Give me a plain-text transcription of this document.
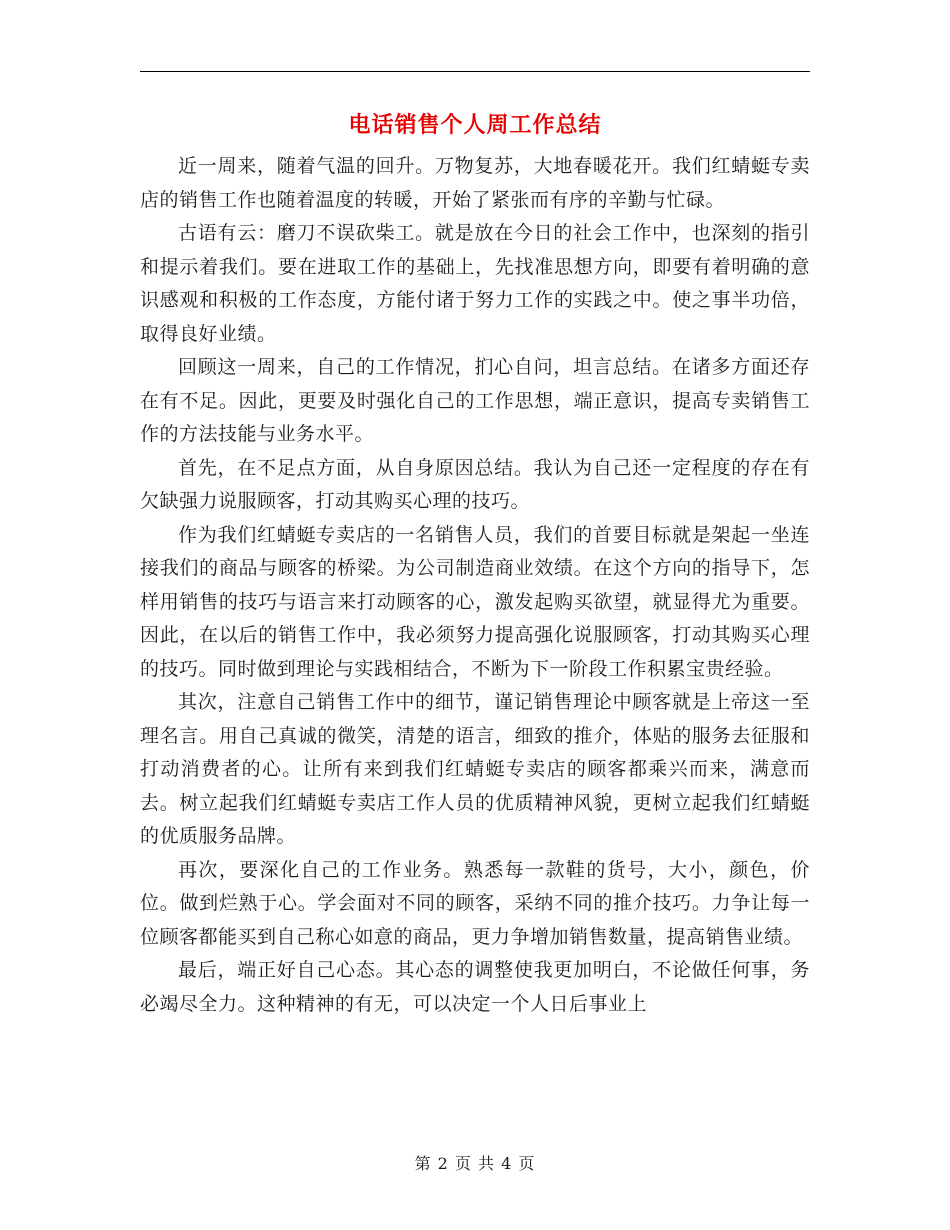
电话销售个人周工作总结

近一周来，随着气温的回升。万物复苏，大地春暖花开。我们红蜻蜓专卖店的销售工作也随着温度的转暖，开始了紧张而有序的辛勤与忙碌。

古语有云：磨刀不误砍柴工。就是放在今日的社会工作中，也深刻的指引和提示着我们。要在进取工作的基础上，先找准思想方向，即要有着明确的意识感观和积极的工作态度，方能付诸于努力工作的实践之中。使之事半功倍，取得良好业绩。

回顾这一周来，自己的工作情况，扪心自问，坦言总结。在诸多方面还存在有不足。因此，更要及时强化自己的工作思想，端正意识，提高专卖销售工作的方法技能与业务水平。

首先，在不足点方面，从自身原因总结。我认为自己还一定程度的存在有欠缺强力说服顾客，打动其购买心理的技巧。

作为我们红蜻蜓专卖店的一名销售人员，我们的首要目标就是架起一坐连接我们的商品与顾客的桥梁。为公司制造商业效绩。在这个方向的指导下，怎样用销售的技巧与语言来打动顾客的心，激发起购买欲望，就显得尤为重要。因此，在以后的销售工作中，我必须努力提高强化说服顾客，打动其购买心理的技巧。同时做到理论与实践相结合，不断为下一阶段工作积累宝贵经验。

其次，注意自己销售工作中的细节，谨记销售理论中顾客就是上帝这一至理名言。用自己真诚的微笑，清楚的语言，细致的推介，体贴的服务去征服和打动消费者的心。让所有来到我们红蜻蜓专卖店的顾客都乘兴而来，满意而去。树立起我们红蜻蜓专卖店工作人员的优质精神风貌，更树立起我们红蜻蜓的优质服务品牌。

再次，要深化自己的工作业务。熟悉每一款鞋的货号，大小，颜色，价位。做到烂熟于心。学会面对不同的顾客，采纳不同的推介技巧。力争让每一位顾客都能买到自己称心如意的商品，更力争增加销售数量，提高销售业绩。

最后，端正好自己心态。其心态的调整使我更加明白，不论做任何事，务必竭尽全力。这种精神的有无，可以决定一个人日后事业上

第 2 页 共 4 页
